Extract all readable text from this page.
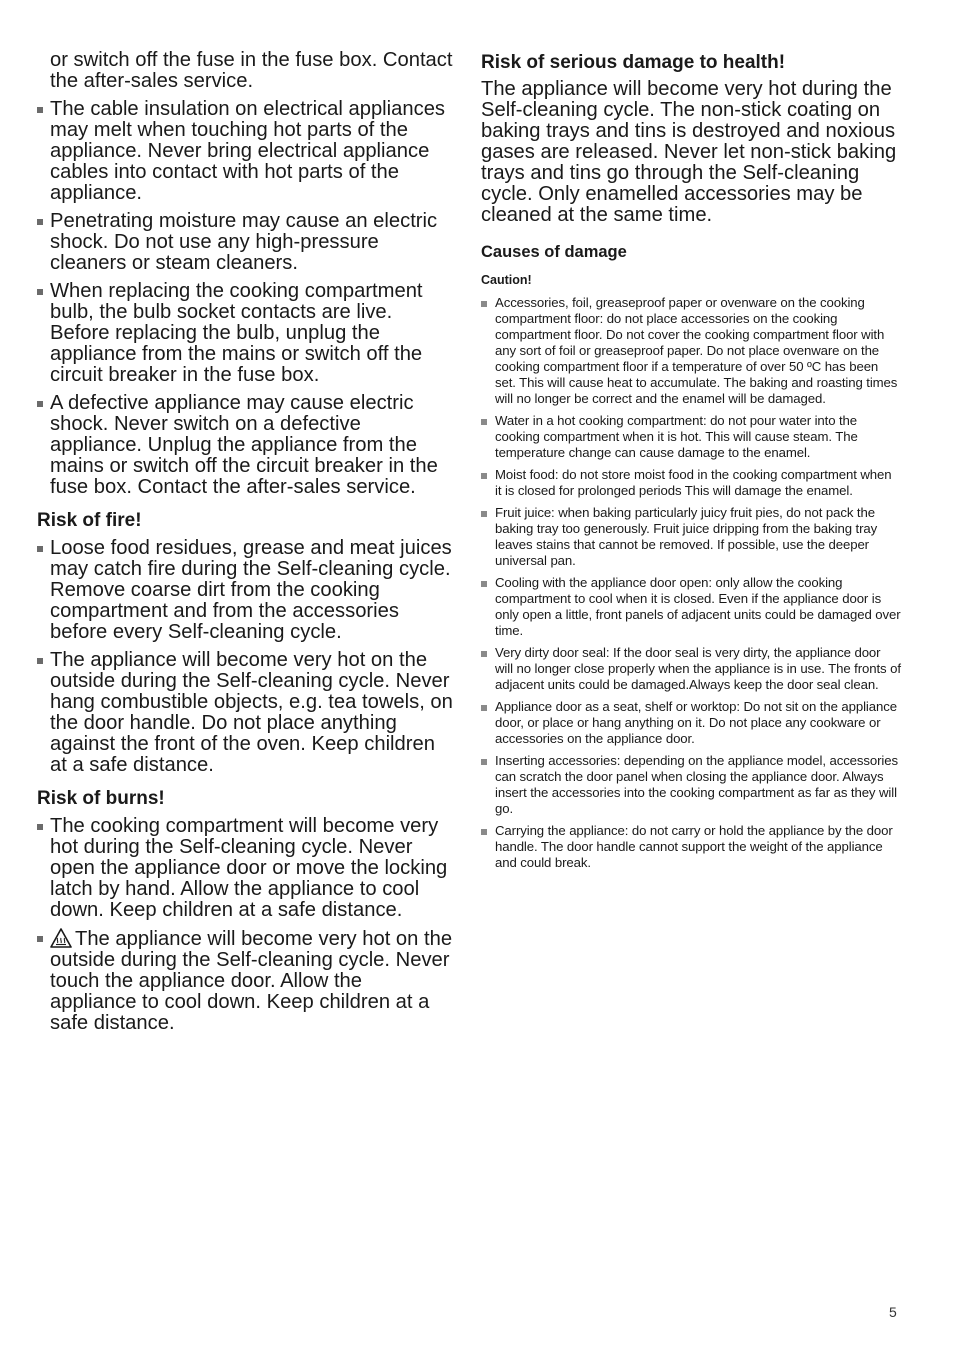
or switch off the fuse in the fuse box. Contact the after-sales service.

The cable insulation on electrical appliances may melt when touching hot parts of the appliance. Never bring electrical appliance cables into contact with hot parts of the appliance.
Penetrating moisture may cause an electric shock. Do not use any high-pressure cleaners or steam cleaners.
When replacing the cooking compartment bulb, the bulb socket contacts are live. Before replacing the bulb, unplug the appliance from the mains or switch off the circuit breaker in the fuse box.
A defective appliance may cause electric shock. Never switch on a defective appliance. Unplug the appliance from the mains or switch off the circuit breaker in the fuse box. Contact the after-sales service.
Risk of fire!
Loose food residues, grease and meat juices may catch fire during the Self-cleaning cycle. Remove coarse dirt from the cooking compartment and from the accessories before every Self-cleaning cycle.
The appliance will become very hot on the outside during the Self-cleaning cycle. Never hang combustible objects, e.g. tea towels, on the door handle. Do not place anything against the front of the oven. Keep children at a safe distance.
Risk of burns!
The cooking compartment will become very hot during the Self-cleaning cycle. Never open the appliance door or move the locking latch by hand. Allow the appliance to cool down. Keep children at a safe distance.
The appliance will become very hot on the outside during the Self-cleaning cycle. Never touch the appliance door. Allow the appliance to cool down. Keep children at a safe distance.
Risk of serious damage to health!

The appliance will become very hot during the Self-cleaning cycle. The non-stick coating on baking trays and tins is destroyed and noxious gases are released. Never let non-stick baking trays and tins go through the Self-cleaning cycle. Only enamelled accessories may be cleaned at the same time.

Causes of damage
Caution!
Accessories, foil, greaseproof paper or ovenware on the cooking compartment floor: do not place accessories on the cooking compartment floor. Do not cover the cooking compartment floor with any sort of foil or greaseproof paper. Do not place ovenware on the cooking compartment floor if a temperature of over 50 ºC has been set. This will cause heat to accumulate. The baking and roasting times will no longer be correct and the enamel will be damaged.
Water in a hot cooking compartment: do not pour water into the cooking compartment when it is hot. This will cause steam. The temperature change can cause damage to the enamel.
Moist food: do not store moist food in the cooking compartment when it is closed for prolonged periods This will damage the enamel.
Fruit juice: when baking particularly juicy fruit pies, do not pack the baking tray too generously. Fruit juice dripping from the baking tray leaves stains that cannot be removed. If possible, use the deeper universal pan.
Cooling with the appliance door open: only allow the cooking compartment to cool when it is closed. Even if the appliance door is only open a little, front panels of adjacent units could be damaged over time.
Very dirty door seal: If the door seal is very dirty, the appliance door will no longer close properly when the appliance is in use. The fronts of adjacent units could be damaged.Always keep the door seal clean.
Appliance door as a seat, shelf or worktop: Do not sit on the appliance door, or place or hang anything on it. Do not place any cookware or accessories on the appliance door.
Inserting accessories: depending on the appliance model, accessories can scratch the door panel when closing the appliance door. Always insert the accessories into the cooking compartment as far as they will go.
Carrying the appliance: do not carry or hold the appliance by the door handle. The door handle cannot support the weight of the appliance and could break.
5
